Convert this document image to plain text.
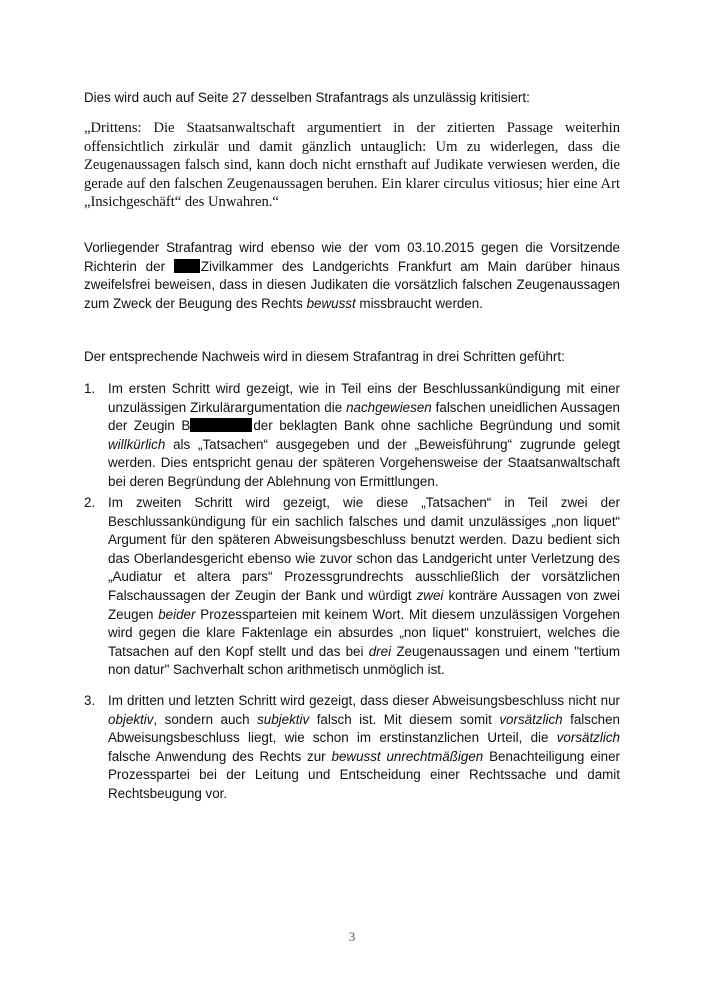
Dies wird auch auf Seite 27 desselben Strafantrags als unzulässig kritisiert:

„Drittens: Die Staatsanwaltschaft argumentiert in der zitierten Passage weiterhin offensichtlich zirkulär und damit gänzlich untauglich: Um zu widerlegen, dass die Zeugenaussagen falsch sind, kann doch nicht ernsthaft auf Judikate verwiesen werden, die gerade auf den falschen Zeugenaussagen beruhen. Ein klarer circulus vitiosus; hier eine Art „Insichgeschäft“ des Unwahren.“

Vorliegender Strafantrag wird ebenso wie der vom 03.10.2015 gegen die Vorsitzende Richterin der	Zivilkammer des Landgerichts Frankfurt am Main darüber hinaus zweifelsfrei beweisen, dass in diesen Judikaten die vorsätzlich falschen Zeugenaussagen zum Zweck der Beugung des Rechts bewusst missbraucht werden.

Der entsprechende Nachweis wird in diesem Strafantrag in drei Schritten geführt:

1. Im ersten Schritt wird gezeigt, wie in Teil eins der Beschlussankündigung mit einer unzulässigen Zirkulärargumentation die nachgewiesen falschen uneidlichen Aussagen der Zeugin B	der beklagten Bank ohne sachliche Begründung und somit willkürlich als „Tatsachen“ ausgegeben und der „Beweisführung“ zugrunde gelegt werden. Dies entspricht genau der späteren Vorgehensweise der Staatsanwaltschaft bei deren Begründung der Ablehnung von Ermittlungen.
2. Im zweiten Schritt wird gezeigt, wie diese „Tatsachen“ in Teil zwei der Beschlussankündigung für ein sachlich falsches und damit unzulässiges „non liquet“ Argument für den späteren Abweisungsbeschluss benutzt werden. Dazu bedient sich das Oberlandesgericht ebenso wie zuvor schon das Landgericht unter Verletzung des „Audiatur et altera pars“ Prozessgrundrechts ausschließlich der vorsätzlichen Falschaussagen der Zeugin der Bank und würdigt zwei konträre Aussagen von zwei Zeugen beider Prozessparteien mit keinem Wort. Mit diesem unzulässigen Vorgehen wird gegen die klare Faktenlage ein absurdes „non liquet“ konstruiert, welches die Tatsachen auf den Kopf stellt und das bei drei Zeugenaussagen und einem "tertium non datur" Sachverhalt schon arithmetisch unmöglich ist.
3. Im dritten und letzten Schritt wird gezeigt, dass dieser Abweisungsbeschluss nicht nur objektiv, sondern auch subjektiv falsch ist. Mit diesem somit vorsätzlich falschen Abweisungsbeschluss liegt, wie schon im erstinstanzlichen Urteil, die vorsätzlich falsche Anwendung des Rechts zur bewusst unrechtmäßigen Benachteiligung einer Prozesspartei bei der Leitung und Entscheidung einer Rechtssache und damit Rechtsbeugung vor.
3
